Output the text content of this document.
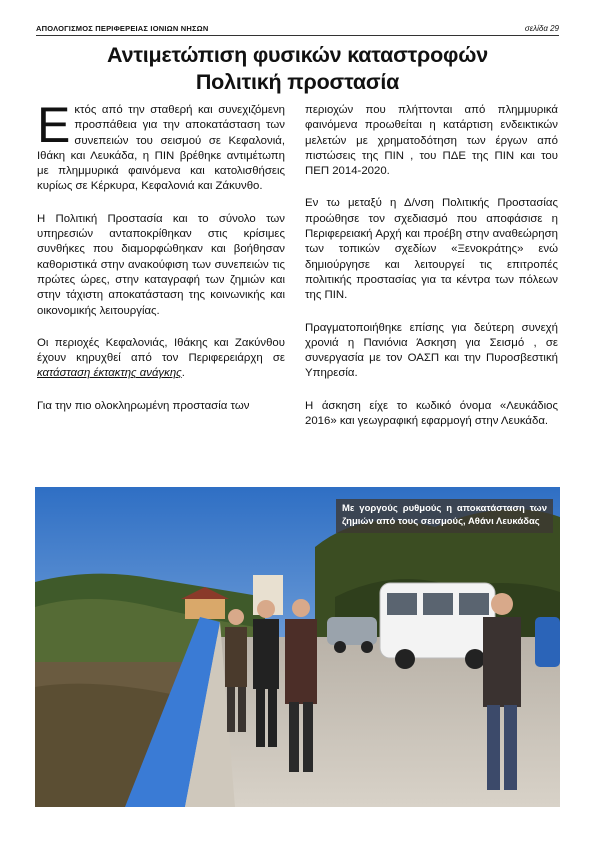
ΑΠΟΛΟΓΙΣΜΟΣ ΠΕΡΙΦΕΡΕΙΑΣ ΙΟΝΙΩΝ ΝΗΣΩΝ	σελίδα 29
Αντιμετώπιση φυσικών καταστροφών
Πολιτική προστασία

Εκτός από την σταθερή και συνεχιζόμενη προσπάθεια για την αποκατάσταση των συνεπειών του σεισμού σε Κεφαλονιά, Ιθάκη και Λευκάδα, η ΠΙΝ βρέθηκε αντιμέτωπη με πλημμυρικά φαινόμενα και κατολισθήσεις κυρίως σε Κέρκυρα, Κεφαλονιά και Ζάκυνθο.

Η Πολιτική Προστασία και το σύνολο των υπηρεσιών ανταποκρίθηκαν στις κρίσιμες συνθήκες που διαμορφώθηκαν και βοήθησαν καθοριστικά στην ανακούφιση των συνεπειών τις πρώτες ώρες, στην καταγραφή των ζημιών και στην τάχιστη αποκατάσταση της κοινωνικής και οικονομικής λειτουργίας.

Οι περιοχές Κεφαλονιάς, Ιθάκης και Ζακύνθου έχουν κηρυχθεί από τον Περιφερειάρχη σε κατάσταση έκτακτης ανάγκης.

Για την πιο ολοκληρωμένη προστασία των

περιοχών που πλήττονται από πλημμυρικά φαινόμενα προωθείται η κατάρτιση ενδεικτικών μελετών με χρηματοδότηση των έργων από πιστώσεις της ΠΙΝ , του ΠΔΕ της ΠΙΝ και του ΠΕΠ 2014-2020.

Εν τω μεταξύ η Δ/νση Πολιτικής Προστασίας προώθησε τον σχεδιασμό που αποφάσισε η Περιφερειακή Αρχή και προέβη στην αναθεώρηση των τοπικών σχεδίων «Ξενοκράτης» ενώ δημιούργησε και λειτουργεί τις επιτροπές πολιτικής προστασίας για τα κέντρα των πόλεων της ΠΙΝ.

Πραγματοποιήθηκε επίσης για δεύτερη συνεχή χρονιά η Πανιόνια Άσκηση για Σεισμό , σε συνεργασία με τον ΟΑΣΠ και την Πυροσβεστική Υπηρεσία.

Η άσκηση είχε το κωδικό όνομα «Λευκάδιος 2016» και γεωγραφική εφαρμογή στην Λευκάδα.

Με γοργούς ρυθμούς η αποκατάσταση των ζημιών από τους σεισμούς, Αθάνι Λευκάδας
